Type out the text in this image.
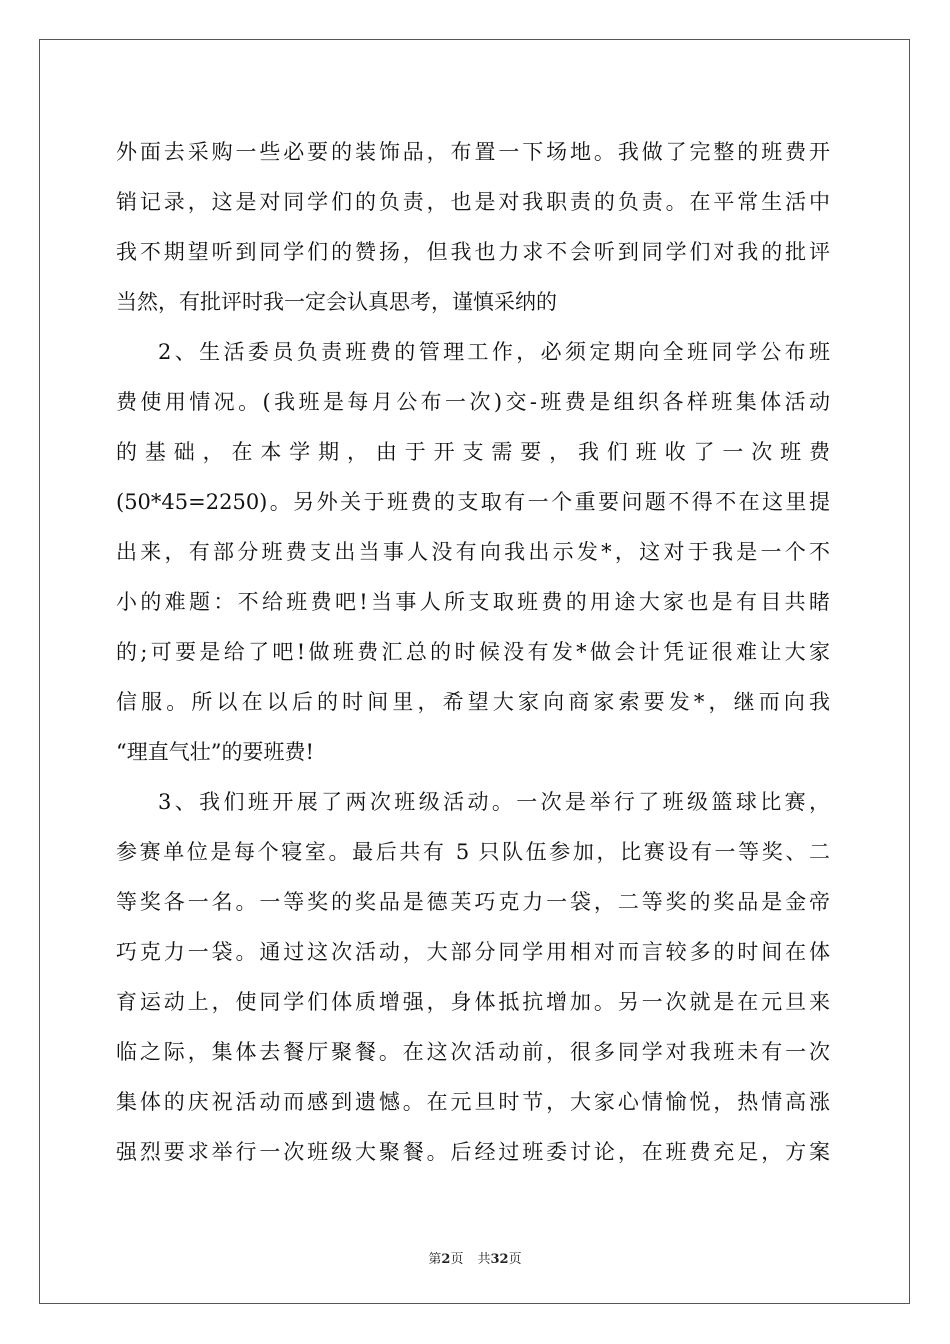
外面去采购一些必要的装饰品，布置一下场地。我做了完整的班费开
销记录，这是对同学们的负责，也是对我职责的负责。在平常生活中
我不期望听到同学们的赞扬，但我也力求不会听到同学们对我的批评
当然，有批评时我一定会认真思考，谨慎采纳的
2、生活委员负责班费的管理工作，必须定期向全班同学公布班
费使用情况。(我班是每月公布一次)交-班费是组织各样班集体活动
的 基 础 ， 在 本 学 期 ， 由 于 开 支 需 要 ， 我 们 班 收 了 一 次 班 费
(50*45=2250)。另外关于班费的支取有一个重要问题不得不在这里提
出来，有部分班费支出当事人没有向我出示发*，这对于我是一个不
小的难题：不给班费吧!当事人所支取班费的用途大家也是有目共睹
的;可要是给了吧!做班费汇总的时候没有发*做会计凭证很难让大家
信服。所以在以后的时间里，希望大家向商家索要发*，继而向我
“理直气壮”的要班费!
3、我们班开展了两次班级活动。一次是举行了班级篮球比赛，
参赛单位是每个寝室。最后共有 5 只队伍参加，比赛设有一等奖、二
等奖各一名。一等奖的奖品是德芙巧克力一袋，二等奖的奖品是金帝
巧克力一袋。通过这次活动，大部分同学用相对而言较多的时间在体
育运动上，使同学们体质增强，身体抵抗增加。另一次就是在元旦来
临之际，集体去餐厅聚餐。在这次活动前，很多同学对我班未有一次
集体的庆祝活动而感到遗憾。在元旦时节，大家心情愉悦，热情高涨
强烈要求举行一次班级大聚餐。后经过班委讨论，在班费充足，方案
第2页 共32页
